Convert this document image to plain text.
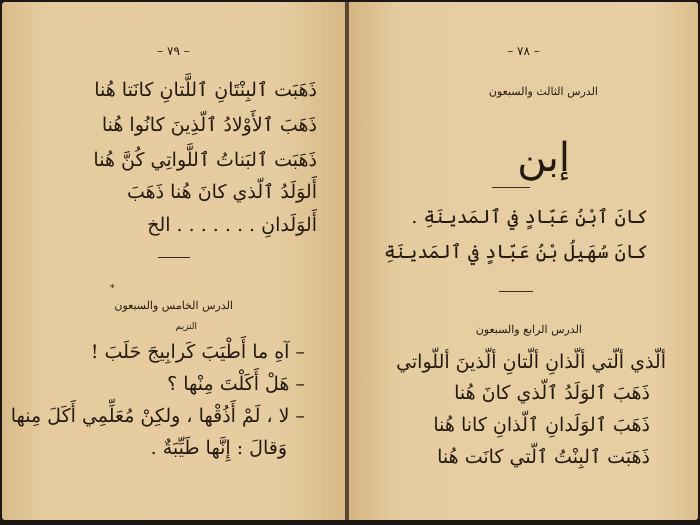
– ٧٩ –
ذَهَبَت ٱلبِنْتَانِ ٱللَّتانِ كانَتا هُنا
ذَهَبَ ٱلأَوْلادُ ٱلّذِينَ كانُوا هُنا
ذَهَبَت ٱلبَناتُ ٱللَّواتِي كُنَّ هُنا
أَلوَلَدُ ٱلّذي كانَ هُنا ذَهَبَ
أَلوَلَدانِ . . . . . . . الخ
*
الدرس الخامس والسبعون
التزيم
– آهِ ما أَطْيَبَ كَرابِيجَ حَلَبَ !
– هَلْ أَكَلْتَ مِنْها ؟
– لا ، لَمْ أَذُقْها ، ولكِنْ مُعَلِّمِي أَكَلَ مِنها
وَقالَ : إِنَّها طَيِّبَةٌ .
– ٧٨ –
الدرس الثالث والسبعون
إبن
كانَ ٱبْنُ عَبّادٍ في ٱلمَدينَةِ .
كانَ سُهَيلُ بْنُ عَبّادٍ في ٱلمَدينَةِ
الدرس الرابع والسبعون
ألّذي ألّتي ألّذانِ ألّتانِ ألّذينَ أللّواتي
ذَهَبَ ٱلوَلَدُ ٱلّذي كانَ هُنا
ذَهَبَ ٱلوَلَدانِ ٱلّذانِ كانا هُنا
ذَهَبَت ٱلبِنْتُ ٱلّتي كانَت هُنا
